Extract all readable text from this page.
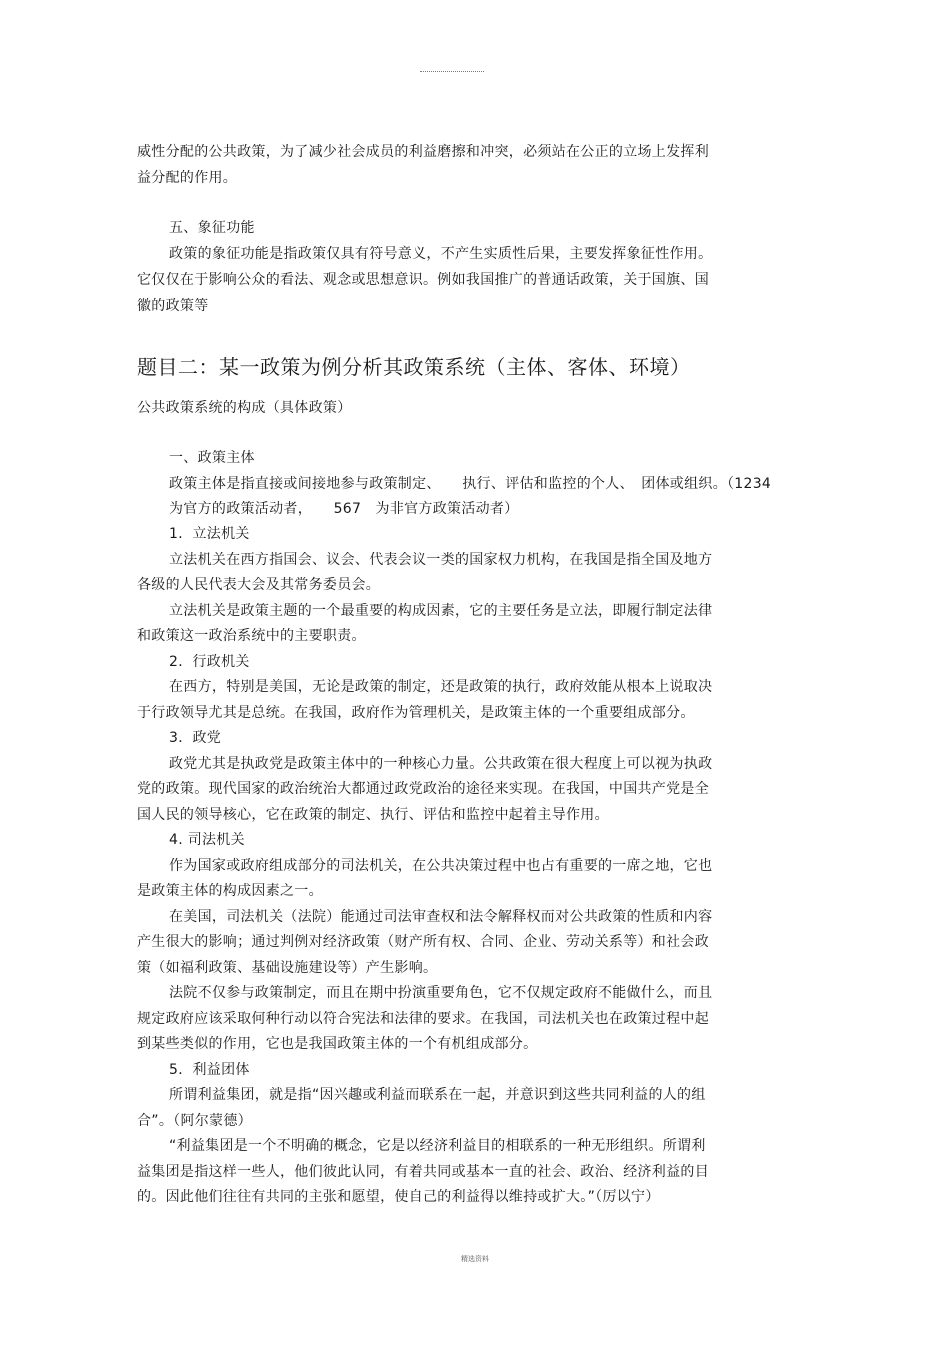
威性分配的公共政策，为了减少社会成员的利益磨擦和冲突，必须站在公正的立场上发挥利
益分配的作用。
五、象征功能
政策的象征功能是指政策仅具有符号意义，不产生实质性后果，主要发挥象征性作用。
它仅仅在于影响公众的看法、观念或思想意识。例如我国推广的普通话政策，关于国旗、国
徽的政策等
题目二：某一政策为例分析其政策系统（主体、客体、环境）
公共政策系统的构成（具体政策）
一、政策主体
政策主体是指直接或间接地参与政策制定、　　执行、评估和监控的个人、　团体或组织。（1234
为官方的政策活动者，　　567　为非官方政策活动者）
1．立法机关
立法机关在西方指国会、议会、代表会议一类的国家权力机构，在我国是指全国及地方
各级的人民代表大会及其常务委员会。
立法机关是政策主题的一个最重要的构成因素，它的主要任务是立法，即履行制定法律
和政策这一政治系统中的主要职责。
2．行政机关
在西方，特别是美国，无论是政策的制定，还是政策的执行，政府效能从根本上说取决
于行政领导尤其是总统。在我国，政府作为管理机关，是政策主体的一个重要组成部分。
3．政党
政党尤其是执政党是政策主体中的一种核心力量。公共政策在很大程度上可以视为执政
党的政策。现代国家的政治统治大都通过政党政治的途径来实现。在我国，中国共产党是全
国人民的领导核心，它在政策的制定、执行、评估和监控中起着主导作用。
4. 司法机关
作为国家或政府组成部分的司法机关，在公共决策过程中也占有重要的一席之地，它也
是政策主体的构成因素之一。
在美国，司法机关（法院）能通过司法审查权和法令解释权而对公共政策的性质和内容
产生很大的影响；通过判例对经济政策（财产所有权、合同、企业、劳动关系等）和社会政
策（如福利政策、基础设施建设等）产生影响。
法院不仅参与政策制定，而且在期中扮演重要角色，它不仅规定政府不能做什么，而且
规定政府应该采取何种行动以符合宪法和法律的要求。在我国，司法机关也在政策过程中起
到某些类似的作用，它也是我国政策主体的一个有机组成部分。
5．利益团体
所谓利益集团，就是指“因兴趣或利益而联系在一起，并意识到这些共同利益的人的组
合”。（阿尔蒙德）
“利益集团是一个不明确的概念，它是以经济利益目的相联系的一种无形组织。所谓利
益集团是指这样一些人，他们彼此认同，有着共同或基本一直的社会、政治、经济利益的目
的。因此他们往往有共同的主张和愿望，使自己的利益得以维持或扩大。”（厉以宁）
精选资料
